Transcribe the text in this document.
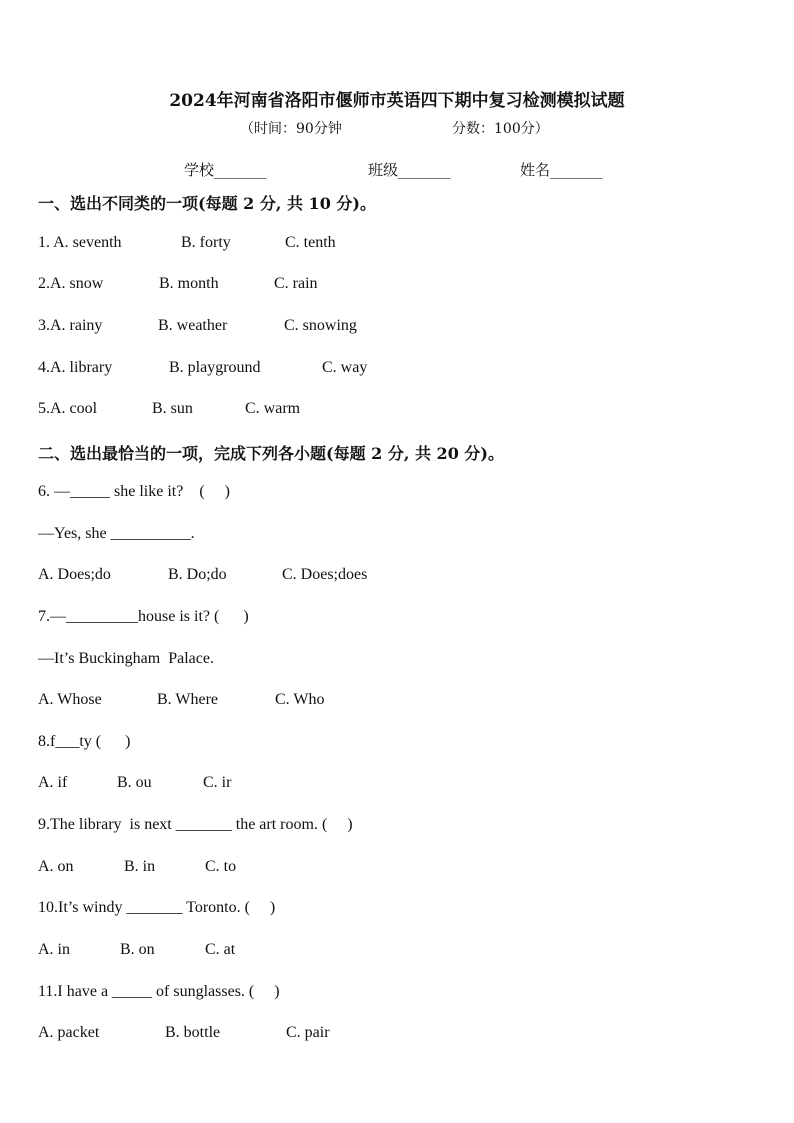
2024年河南省洛阳市偃师市英语四下期中复习检测模拟试题
（时间：90分钟	分数：100分）
学校_______	班级_______	姓名_______
一、选出不同类的一项(每题 2 分, 共 10 分)。
1. A. seventh	B. forty	C. tenth
2.A. snow	B. month	C. rain
3.A. rainy	B. weather	C. snowing
4.A. library	B. playground	C. way
5.A. cool	B. sun	C. warm
二、选出最恰当的一项，完成下列各小题(每题 2 分, 共 20 分)。
6. —_____ she like it?    (     )
—Yes, she __________.
A. Does;do	B. Do;do	C. Does;does
7.—_________house is it? (      )
—It’s Buckingham  Palace.
A. Whose	B. Where	C. Who
8.f___ty (      )
A. if	B. ou	C. ir
9.The library  is next _______ the art room. (     )
A. on	B. in	C. to
10.It’s windy _______ Toronto. (     )
A. in	B. on	C. at
11.I have a _____ of sunglasses. (     )
A. packet	B. bottle	C. pair
